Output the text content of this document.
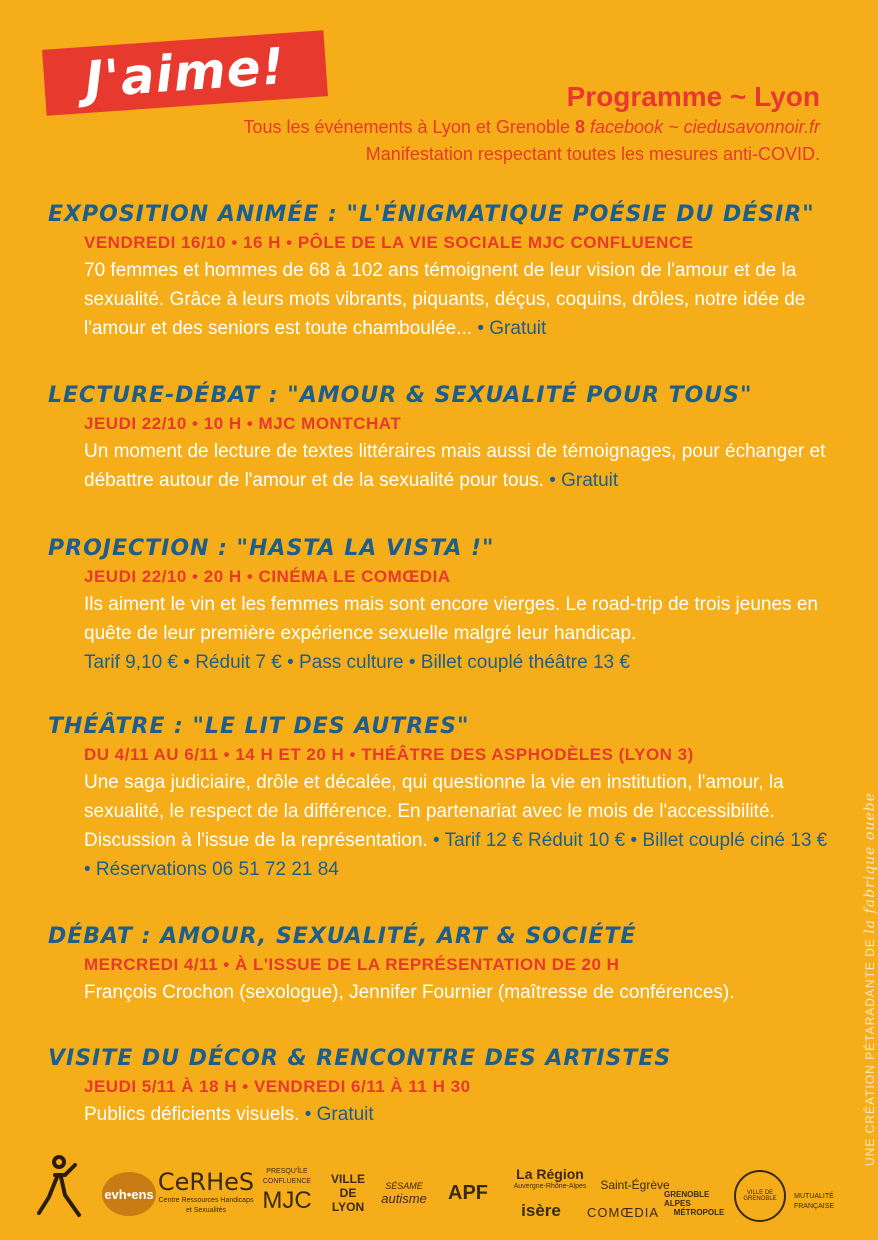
J'aime!	Programme ~ Lyon
Tous les événements à Lyon et Grenoble 8 facebook ~ ciedusavonnoir.fr
Manifestation respectant toutes les mesures anti-COVID.
EXPOSITION ANIMÉE : "L'ÉNIGMATIQUE POÉSIE DU DÉSIR"
VENDREDI 16/10 • 16 H • PÔLE DE LA VIE SOCIALE MJC CONFLUENCE
70 femmes et hommes de 68 à 102 ans témoignent de leur vision de l'amour et de la sexualité. Grâce à leurs mots vibrants, piquants, déçus, coquins, drôles, notre idée de l'amour et des seniors est toute chamboulée... • Gratuit
LECTURE-DÉBAT : "AMOUR & SEXUALITÉ POUR TOUS"
JEUDI 22/10 • 10 H • MJC MONTCHAT
Un moment de lecture de textes littéraires mais aussi de témoignages, pour échanger et débattre autour de l'amour et de la sexualité pour tous. • Gratuit
PROJECTION : "HASTA LA VISTA !"
JEUDI 22/10 • 20 H • CINÉMA LE COMŒDIA
Ils aiment le vin et les femmes mais sont encore vierges. Le road-trip de trois jeunes en quête de leur première expérience sexuelle malgré leur handicap.
Tarif 9,10 € • Réduit 7 € • Pass culture • Billet couplé théâtre 13 €
THÉÂTRE : "LE LIT DES AUTRES"
DU 4/11 AU 6/11 • 14 H ET 20 H • THÉÂTRE DES ASPHODÈLES (LYON 3)
Une saga judiciaire, drôle et décalée, qui questionne la vie en institution, l'amour, la sexualité, le respect de la différence. En partenariat avec le mois de l'accessibilité. Discussion à l'issue de la représentation. • Tarif 12 € Réduit 10 € • Billet couplé ciné 13 € • Réservations 06 51 72 21 84
DÉBAT : AMOUR, SEXUALITÉ, ART & SOCIÉTÉ
MERCREDI 4/11 • À L'ISSUE DE LA REPRÉSENTATION DE 20 H
François Crochon (sexologue), Jennifer Fournier (maîtresse de conférences).
VISITE DU DÉCOR & RENCONTRE DES ARTISTES
JEUDI 5/11 À 18 H • VENDREDI 6/11 À 11 H 30
Publics déficients visuels. • Gratuit	UNE CRÉATION PÉTARADANTE DE la fabrique ouebe
evh•ens CeRHeS
Centre Ressources Handicaps et Sexualités
PRESQU'ÎLE CONFLUENCE
MJC
VILLE DE LYON
SÉSAME
autisme APF
La Région
Auvergne-Rhône-Alpes
isère
Saint-Égrève
COMŒDIA
GRENOBLE ALPES
MÉTROPOLE
VILLE DE GRENOBLE	MUTUALITÉ FRANÇAISE
